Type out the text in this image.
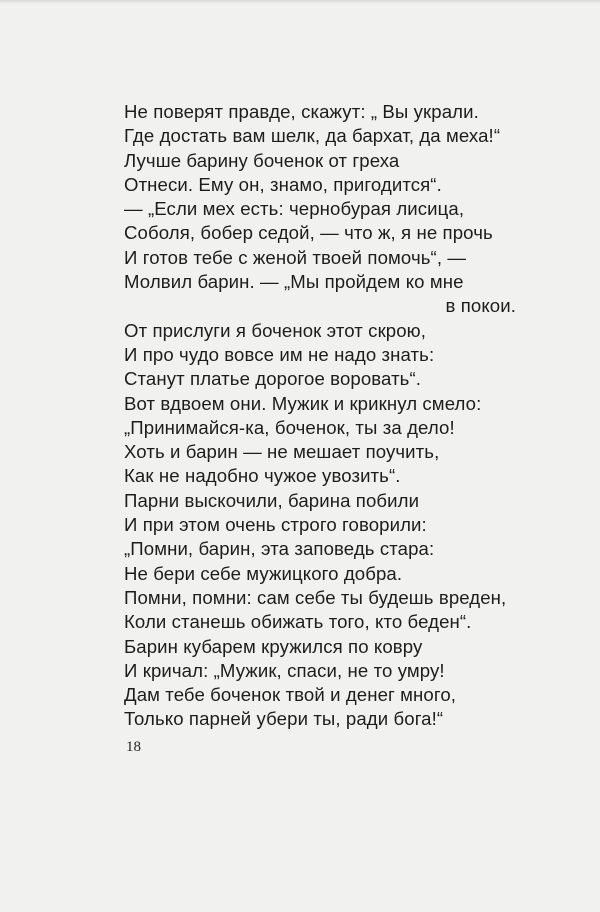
Не поверят правде, скажут: „ Вы украли.
Где достать вам шелк, да бархат, да меха!“
Лучше барину боченок от греха
Отнеси. Ему он, знамо, пригодится“.
— „Если мех есть: чернобурая лисица,
Соболя, бобер седой, — что ж, я не прочь
И готов тебе с женой твоей помочь“, —
Молвил барин. — „Мы пройдем ко мне
в покои.
От прислуги я боченок этот скрою,
И про чудо вовсе им не надо знать:
Станут платье дорогое воровать“.
Вот вдвоем они. Мужик и крикнул смело:
„Принимайся-ка, боченок, ты за дело!
Хоть и барин — не мешает поучить,
Как не надобно чужое увозить“.
Парни выскочили, барина побили
И при этом очень строго говорили:
„Помни, барин, эта заповедь стара:
Не бери себе мужицкого добра.
Помни, помни: сам себе ты будешь вреден,
Коли станешь обижать того, кто беден“.
Барин кубарем кружился по ковру
И кричал: „Мужик, спаси, не то умру!
Дам тебе боченок твой и денег много,
Только парней убери ты, ради бога!“
18
